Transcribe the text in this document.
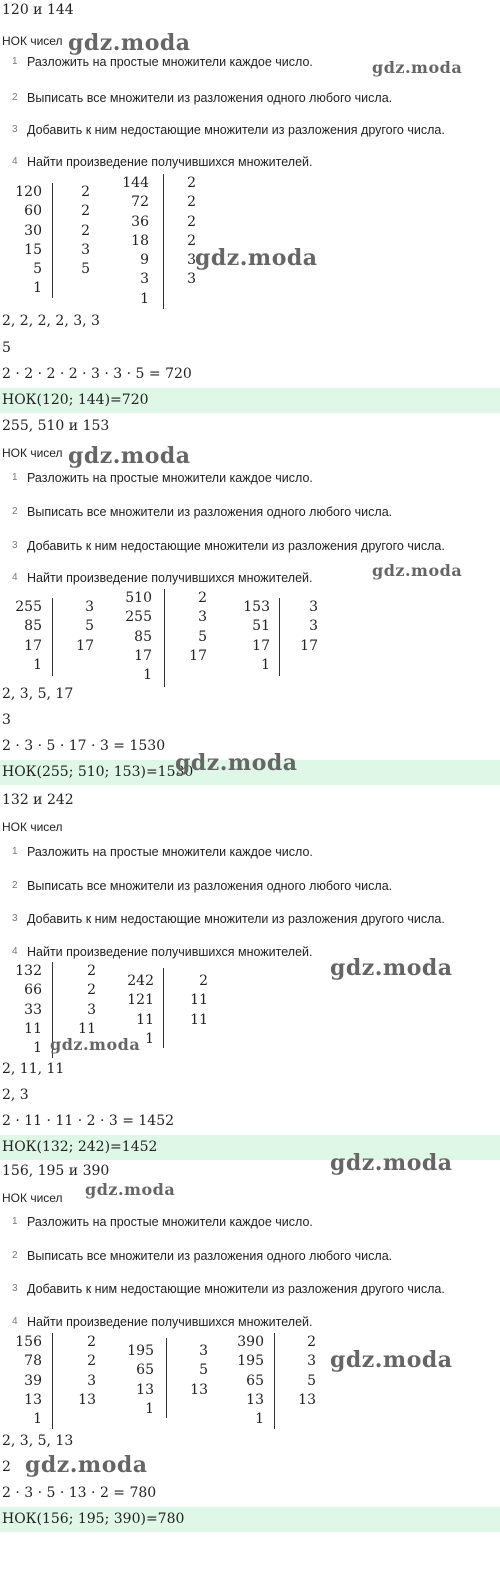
120 и 144
НОК чисел
1 Разложить на простые множители каждое число.
2 Выписать все множители из разложения одного любого числа.
3 Добавить к ним недостающие множители из разложения другого числа.
4 Найти произведение получившихся множителей.
120
60
30
15
5
1
2
2
2
3
5
144
72
36
18
9
3
1
2
2
2
2
3
3
2, 2, 2, 2, 3, 3
5
2 · 2 · 2 · 2 · 3 · 3 · 5 = 720
НОК(120; 144)=720
255, 510 и 153
НОК чисел
1 Разложить на простые множители каждое число.
2 Выписать все множители из разложения одного любого числа.
3 Добавить к ним недостающие множители из разложения другого числа.
4 Найти произведение получившихся множителей.
255
85
17
1
3
5
17
510
255
85
17
1
2
3
5
17
153
51
17
1
3
3
17
2, 3, 5, 17
3
2 · 3 · 5 · 17 · 3 = 1530
НОК(255; 510; 153)=1530
132 и 242
НОК чисел
1 Разложить на простые множители каждое число.
2 Выписать все множители из разложения одного любого числа.
3 Добавить к ним недостающие множители из разложения другого числа.
4 Найти произведение получившихся множителей.
132
66
33
11
1
2
2
3
11
242
121
11
1
2
11
11
2, 11, 11
2, 3
2 · 11 · 11 · 2 · 3 = 1452
НОК(132; 242)=1452
156, 195 и 390
НОК чисел
1 Разложить на простые множители каждое число.
2 Выписать все множители из разложения одного любого числа.
3 Добавить к ним недостающие множители из разложения другого числа.
4 Найти произведение получившихся множителей.
156
78
39
13
1
2
2
3
13
195
65
13
1
3
5
13
390
195
65
13
1
2
3
5
13
2, 3, 5, 13
2
2 · 3 · 5 · 13 · 2 = 780
НОК(156; 195; 390)=780
gdz.moda
gdz.moda
gdz.moda
gdz.moda
gdz.moda
gdz.moda
gdz.moda
gdz.moda
gdz.moda
gdz.moda
gdz.moda
gdz.moda
